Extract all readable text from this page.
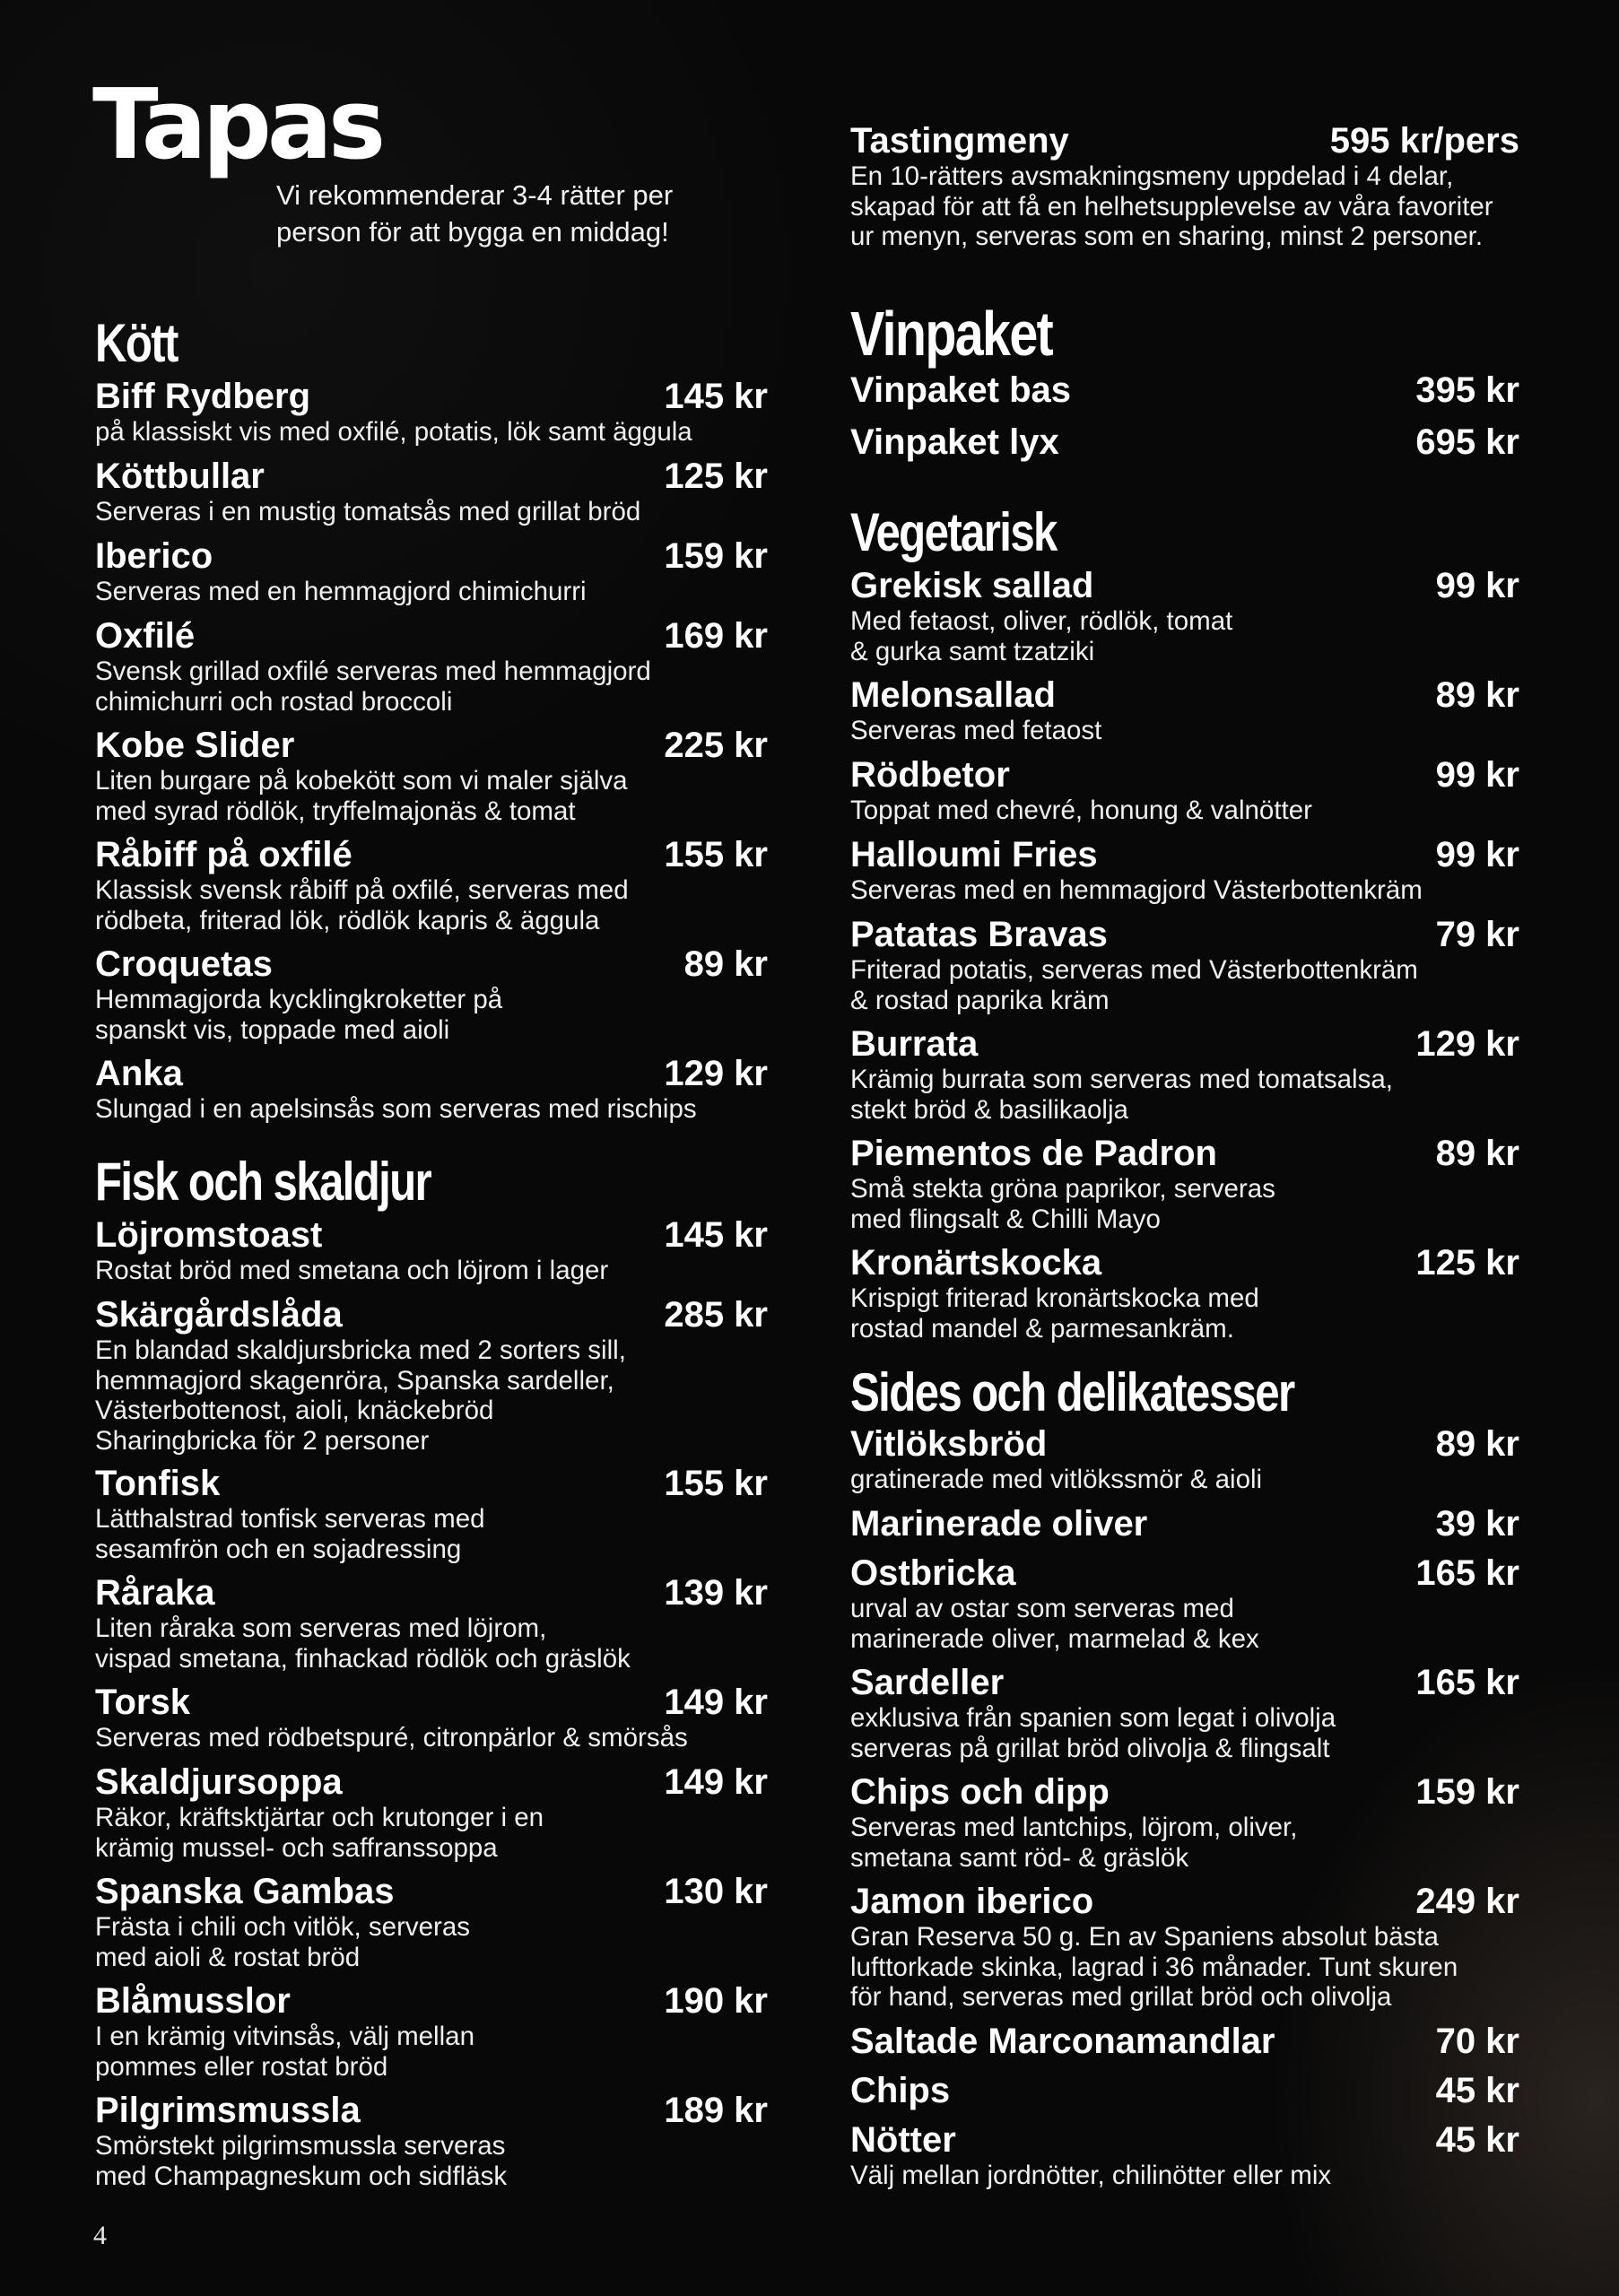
Tapas
Vi rekommenderar 3-4 rätter per
person för att bygga en middag!
Kött
Biff Rydberg	145 kr
på klassiskt vis med oxfilé, potatis, lök samt äggula
Köttbullar	125 kr
Serveras i en mustig tomatsås med grillat bröd
Iberico	159 kr
Serveras med en hemmagjord chimichurri
Oxfilé	169 kr
Svensk grillad oxfilé serveras med hemmagjord
chimichurri och rostad broccoli
Kobe Slider	225 kr
Liten burgare på kobekött som vi maler själva
med syrad rödlök, tryffelmajonäs & tomat
Råbiff på oxfilé	155 kr
Klassisk svensk råbiff på oxfilé, serveras med
rödbeta, friterad lök, rödlök kapris & äggula
Croquetas	89 kr
Hemmagjorda kycklingkroketter på
spanskt vis, toppade med aioli
Anka	129 kr
Slungad i en apelsinsås som serveras med rischips
Fisk och skaldjur
Löjromstoast	145 kr
Rostat bröd med smetana och löjrom i lager
Skärgårdslåda	285 kr
En blandad skaldjursbricka med 2 sorters sill,
hemmagjord skagenröra, Spanska sardeller,
Västerbottenost, aioli, knäckebröd
Sharingbricka för 2 personer
Tonfisk	155 kr
Lätthalstrad tonfisk serveras med
sesamfrön och en sojadressing
Råraka	139 kr
Liten råraka som serveras med löjrom,
vispad smetana, finhackad rödlök och gräslök
Torsk	149 kr
Serveras med rödbetspuré, citronpärlor & smörsås
Skaldjursoppa	149 kr
Räkor, kräftsktjärtar och krutonger i en
krämig mussel- och saffranssoppa
Spanska Gambas	130 kr
Frästa i chili och vitlök, serveras
med aioli & rostat bröd
Blåmusslor	190 kr
I en krämig vitvinsås, välj mellan
pommes eller rostat bröd
Pilgrimsmussla	189 kr
Smörstekt pilgrimsmussla serveras
med Champagneskum och sidfläsk
Tastingmeny	595 kr/pers
En 10-rätters avsmakningsmeny uppdelad i 4 delar,
skapad för att få en helhetsupplevelse av våra favoriter
ur menyn, serveras som en sharing, minst 2 personer.
Vinpaket
Vinpaket bas	395 kr
Vinpaket lyx	695 kr
Vegetarisk
Grekisk sallad	99 kr
Med fetaost, oliver, rödlök, tomat
& gurka samt tzatziki
Melonsallad	89 kr
Serveras med fetaost
Rödbetor	99 kr
Toppat med chevré, honung & valnötter
Halloumi Fries	99 kr
Serveras med en hemmagjord Västerbottenkräm
Patatas Bravas	79 kr
Friterad potatis, serveras med Västerbottenkräm
& rostad paprika kräm
Burrata	129 kr
Krämig burrata som serveras med tomatsalsa,
stekt bröd & basilikaolja
Piementos de Padron	89 kr
Små stekta gröna paprikor, serveras
med flingsalt & Chilli Mayo
Kronärtskocka	125 kr
Krispigt friterad kronärtskocka med
rostad mandel & parmesankräm.
Sides och delikatesser
Vitlöksbröd	89 kr
gratinerade med vitlökssmör & aioli
Marinerade oliver	39 kr
Ostbricka	165 kr
urval av ostar som serveras med
marinerade oliver, marmelad & kex
Sardeller	165 kr
exklusiva från spanien som legat i olivolja
serveras på grillat bröd olivolja & flingsalt
Chips och dipp	159 kr
Serveras med lantchips, löjrom, oliver,
smetana samt röd- & gräslök
Jamon iberico	249 kr
Gran Reserva 50 g. En av Spaniens absolut bästa
lufttorkade skinka, lagrad i 36 månader. Tunt skuren
för hand, serveras med grillat bröd och olivolja
Saltade Marconamandlar	70 kr
Chips	45 kr
Nötter	45 kr
Välj mellan jordnötter, chilinötter eller mix
4
